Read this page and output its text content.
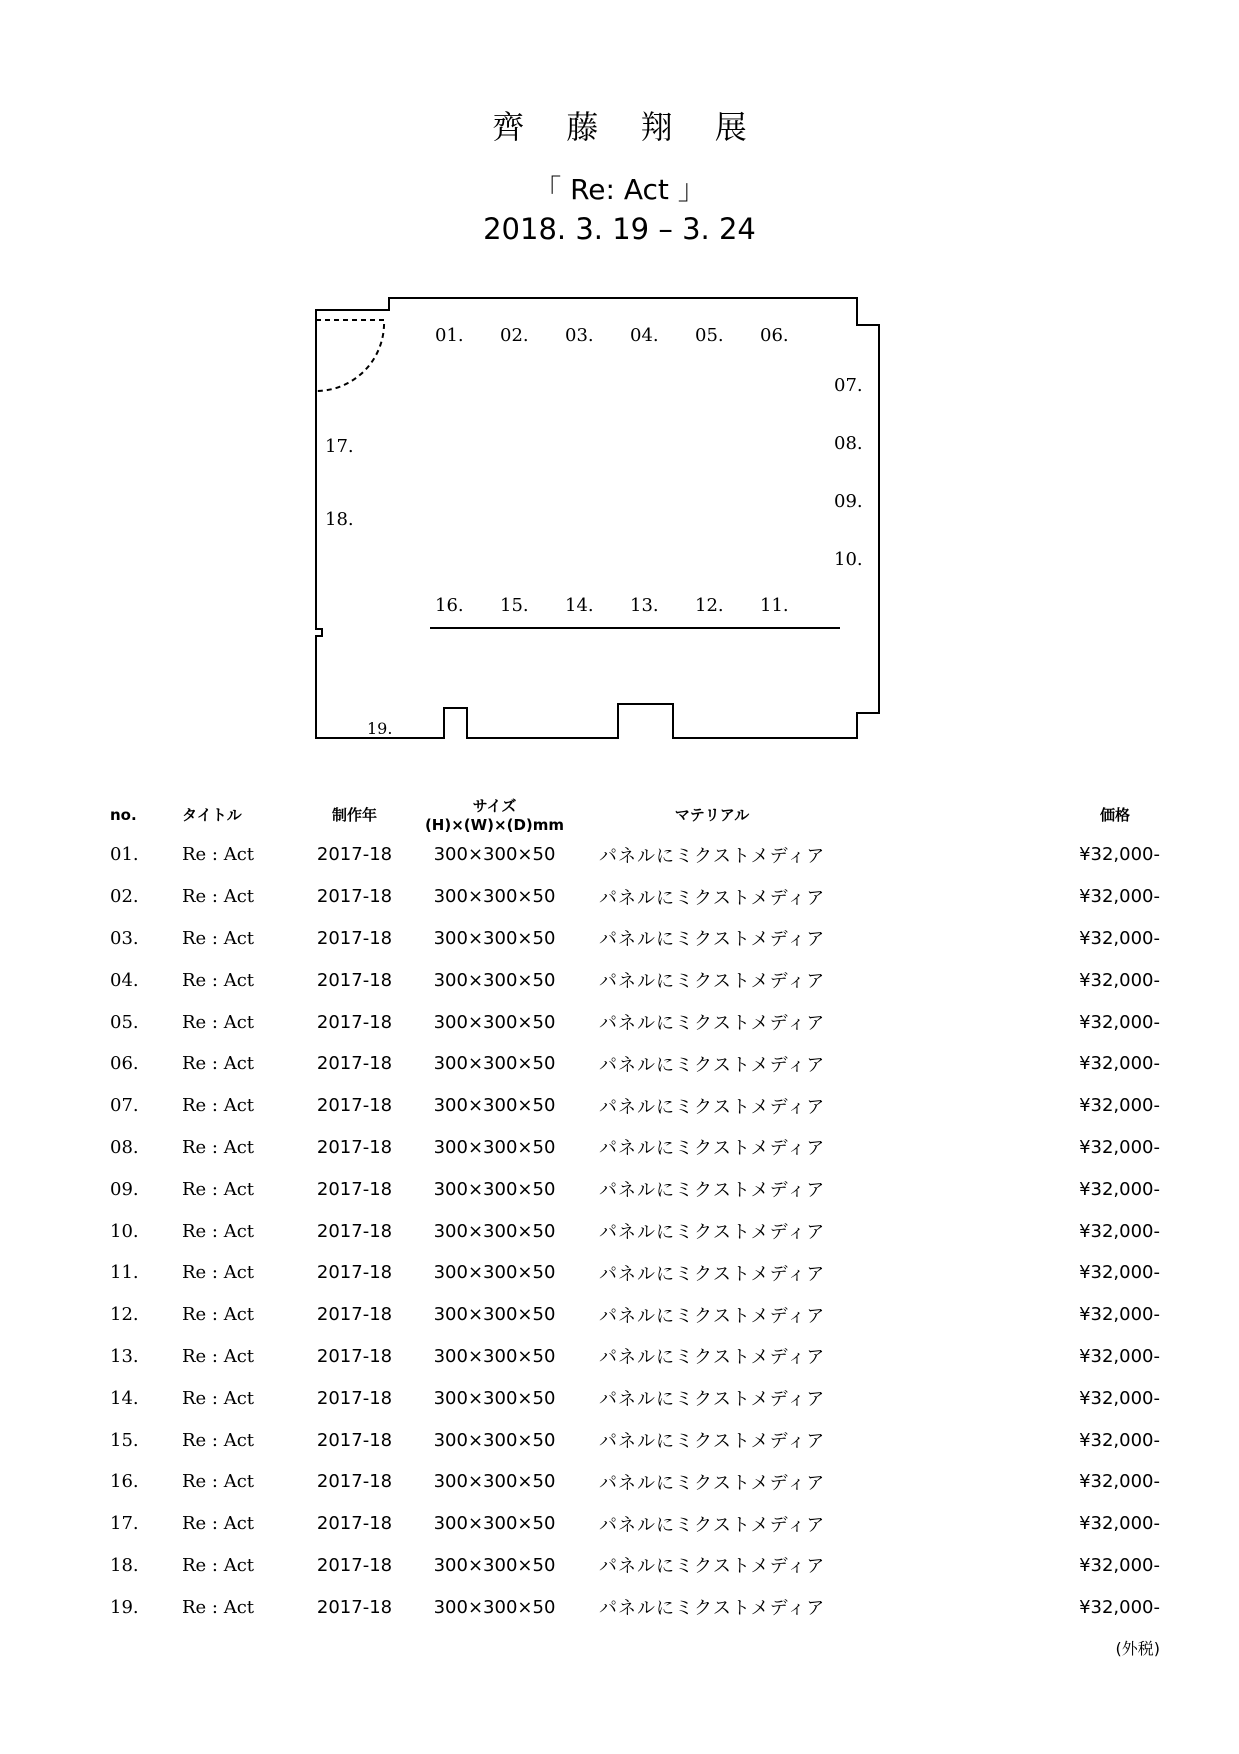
齊 藤 翔 展
「 Re: Act 」
2018. 3. 19 – 3. 24
01. 02. 03. 04. 05. 06.
07.
08.
09.
10.
11.
12.
13.
14.
15.
16.
17.
18.
19.
no.	タイトル	制作年	サイズ (H)×(W)×(D)mm	マテリアル	価格
01.	Re : Act	2017-18	300×300×50	パネルにミクストメディア	¥32,000-
02.	Re : Act	2017-18	300×300×50	パネルにミクストメディア	¥32,000-
03.	Re : Act	2017-18	300×300×50	パネルにミクストメディア	¥32,000-
04.	Re : Act	2017-18	300×300×50	パネルにミクストメディア	¥32,000-
05.	Re : Act	2017-18	300×300×50	パネルにミクストメディア	¥32,000-
06.	Re : Act	2017-18	300×300×50	パネルにミクストメディア	¥32,000-
07.	Re : Act	2017-18	300×300×50	パネルにミクストメディア	¥32,000-
08.	Re : Act	2017-18	300×300×50	パネルにミクストメディア	¥32,000-
09.	Re : Act	2017-18	300×300×50	パネルにミクストメディア	¥32,000-
10.	Re : Act	2017-18	300×300×50	パネルにミクストメディア	¥32,000-
11.	Re : Act	2017-18	300×300×50	パネルにミクストメディア	¥32,000-
12.	Re : Act	2017-18	300×300×50	パネルにミクストメディア	¥32,000-
13.	Re : Act	2017-18	300×300×50	パネルにミクストメディア	¥32,000-
14.	Re : Act	2017-18	300×300×50	パネルにミクストメディア	¥32,000-
15.	Re : Act	2017-18	300×300×50	パネルにミクストメディア	¥32,000-
16.	Re : Act	2017-18	300×300×50	パネルにミクストメディア	¥32,000-
17.	Re : Act	2017-18	300×300×50	パネルにミクストメディア	¥32,000-
18.	Re : Act	2017-18	300×300×50	パネルにミクストメディア	¥32,000-
19.	Re : Act	2017-18	300×300×50	パネルにミクストメディア	¥32,000-
(外税)
